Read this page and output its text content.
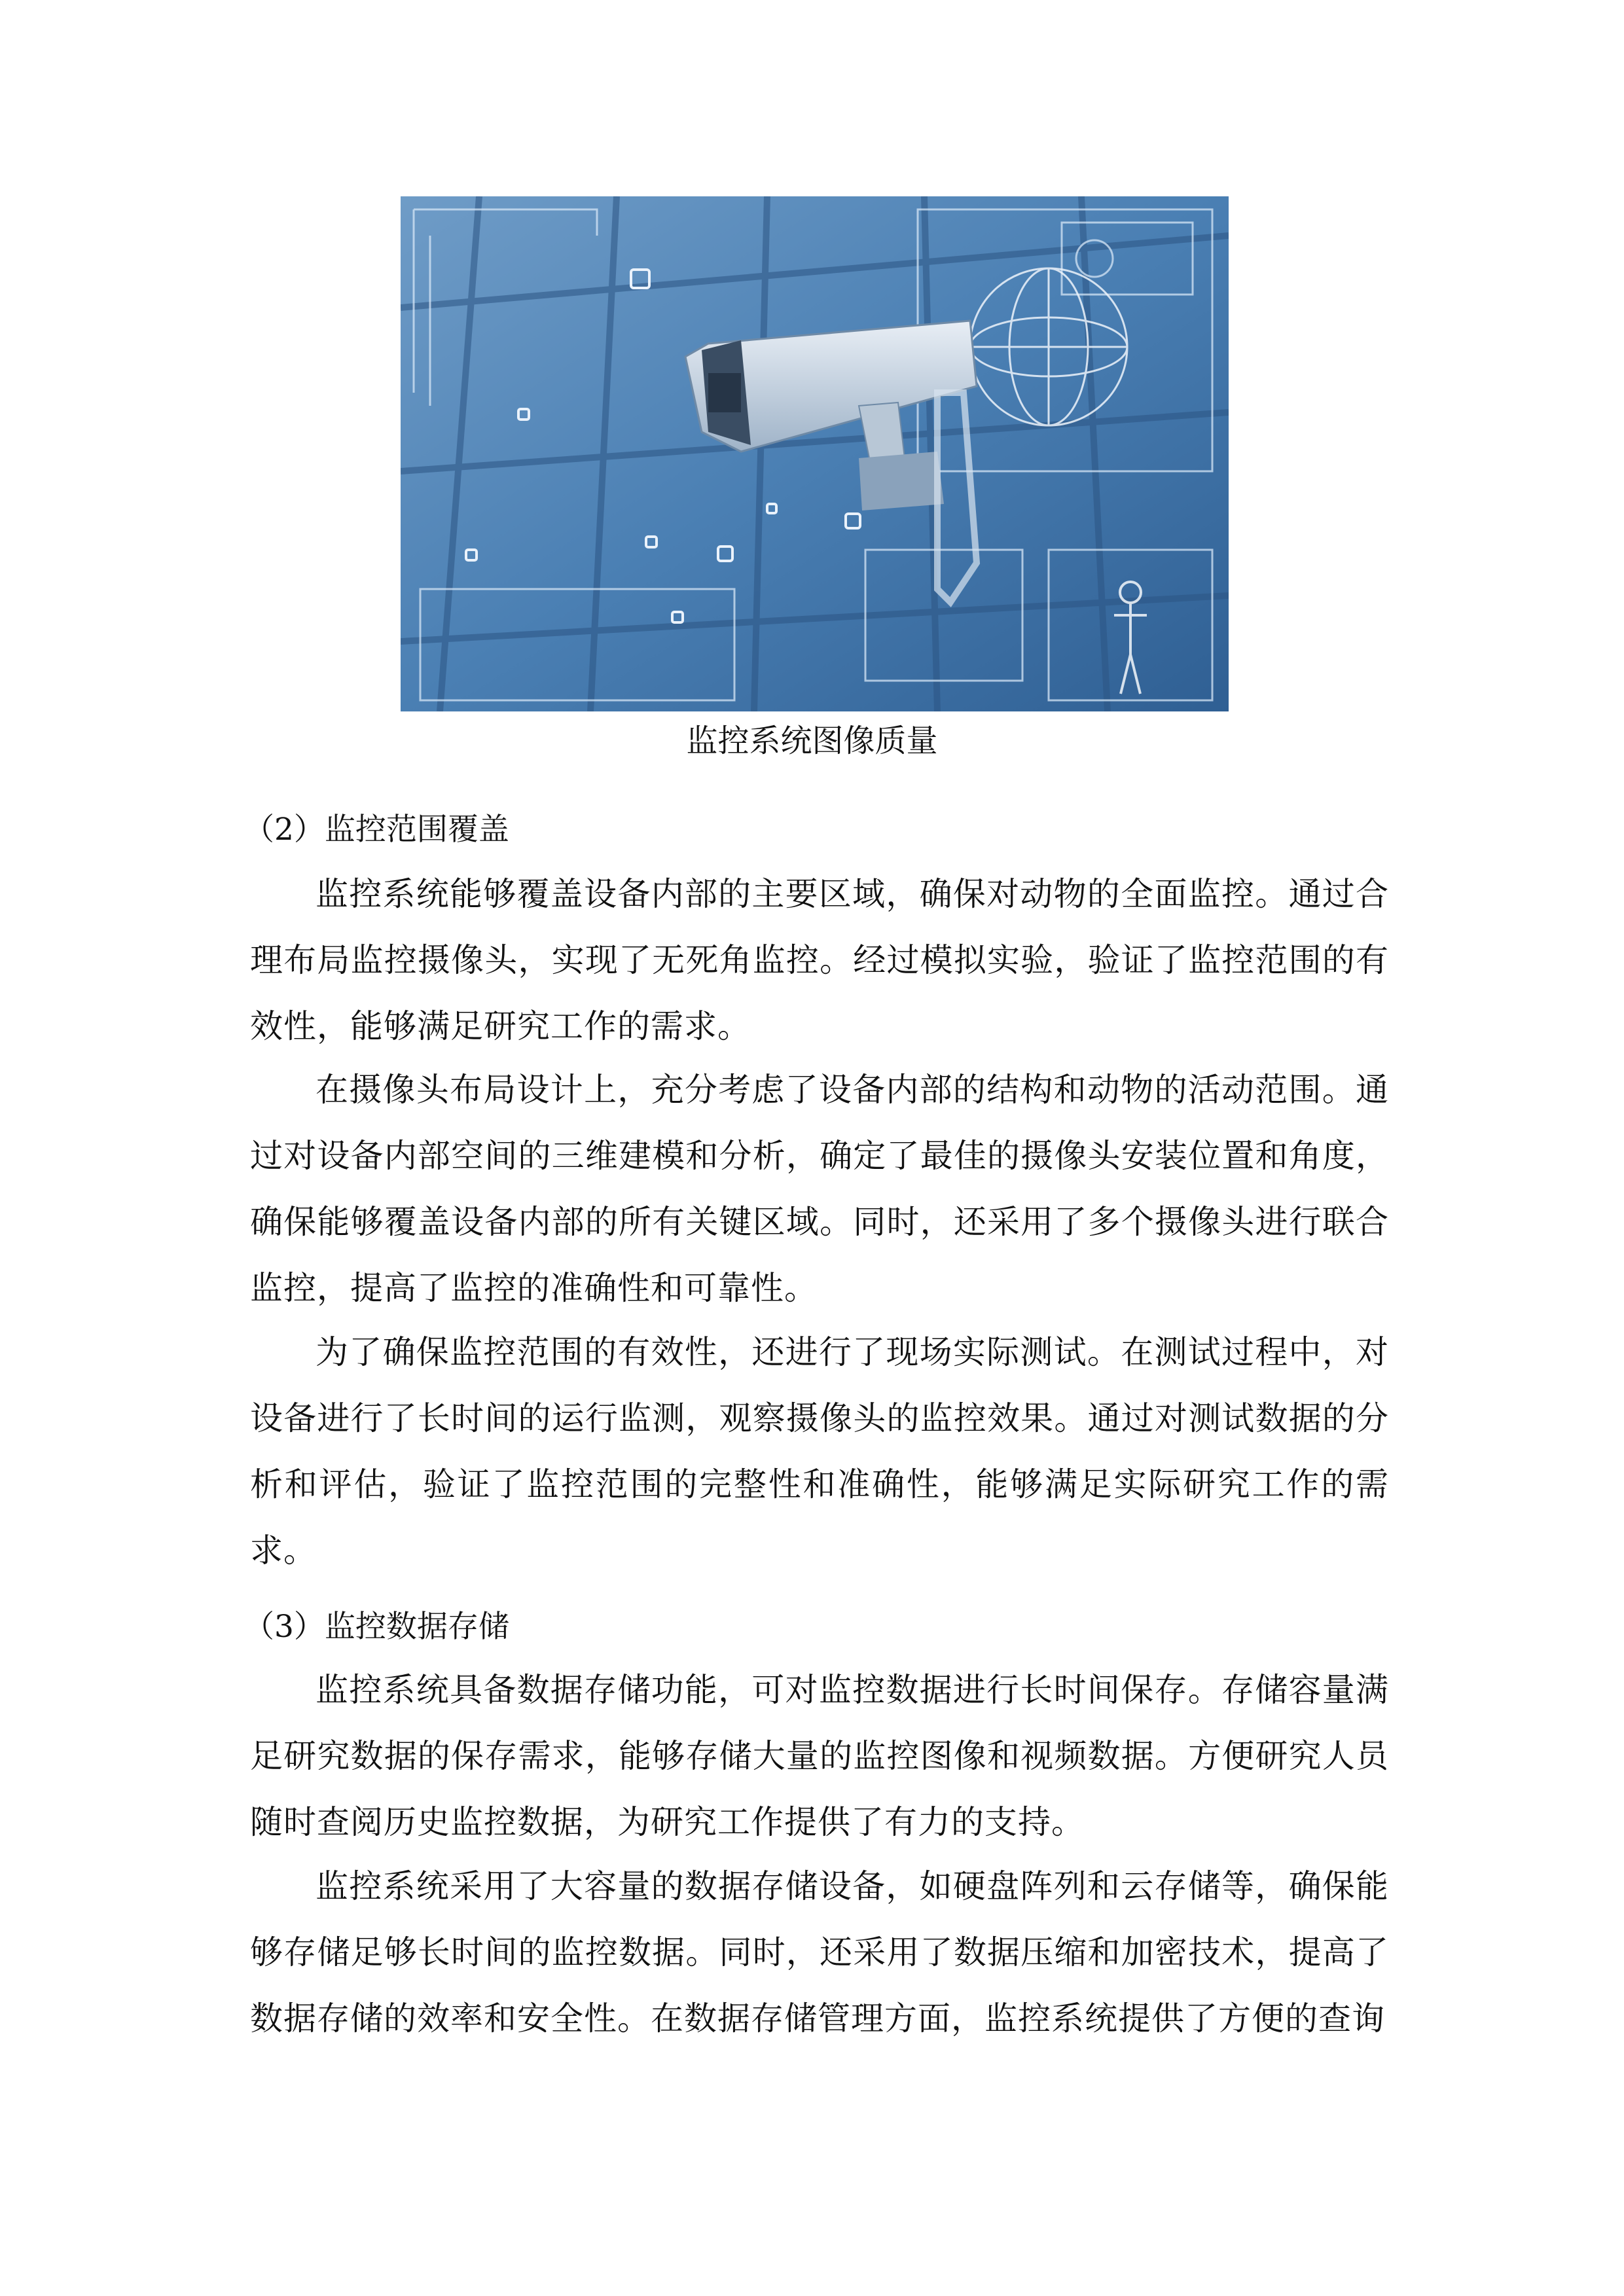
监控系统图像质量
（2）监控范围覆盖

监控系统能够覆盖设备内部的主要区域，确保对动物的全面监控。通过合理布局监控摄像头，实现了无死角监控。经过模拟实验，验证了监控范围的有效性，能够满足研究工作的需求。

在摄像头布局设计上，充分考虑了设备内部的结构和动物的活动范围。通过对设备内部空间的三维建模和分析，确定了最佳的摄像头安装位置和角度，确保能够覆盖设备内部的所有关键区域。同时，还采用了多个摄像头进行联合监控，提高了监控的准确性和可靠性。

为了确保监控范围的有效性，还进行了现场实际测试。在测试过程中，对设备进行了长时间的运行监测，观察摄像头的监控效果。通过对测试数据的分析和评估，验证了监控范围的完整性和准确性，能够满足实际研究工作的需求。

（3）监控数据存储

监控系统具备数据存储功能，可对监控数据进行长时间保存。存储容量满足研究数据的保存需求，能够存储大量的监控图像和视频数据。方便研究人员随时查阅历史监控数据，为研究工作提供了有力的支持。

监控系统采用了大容量的数据存储设备，如硬盘阵列和云存储等，确保能够存储足够长时间的监控数据。同时，还采用了数据压缩和加密技术，提高了数据存储的效率和安全性。在数据存储管理方面，监控系统提供了方便的查询
